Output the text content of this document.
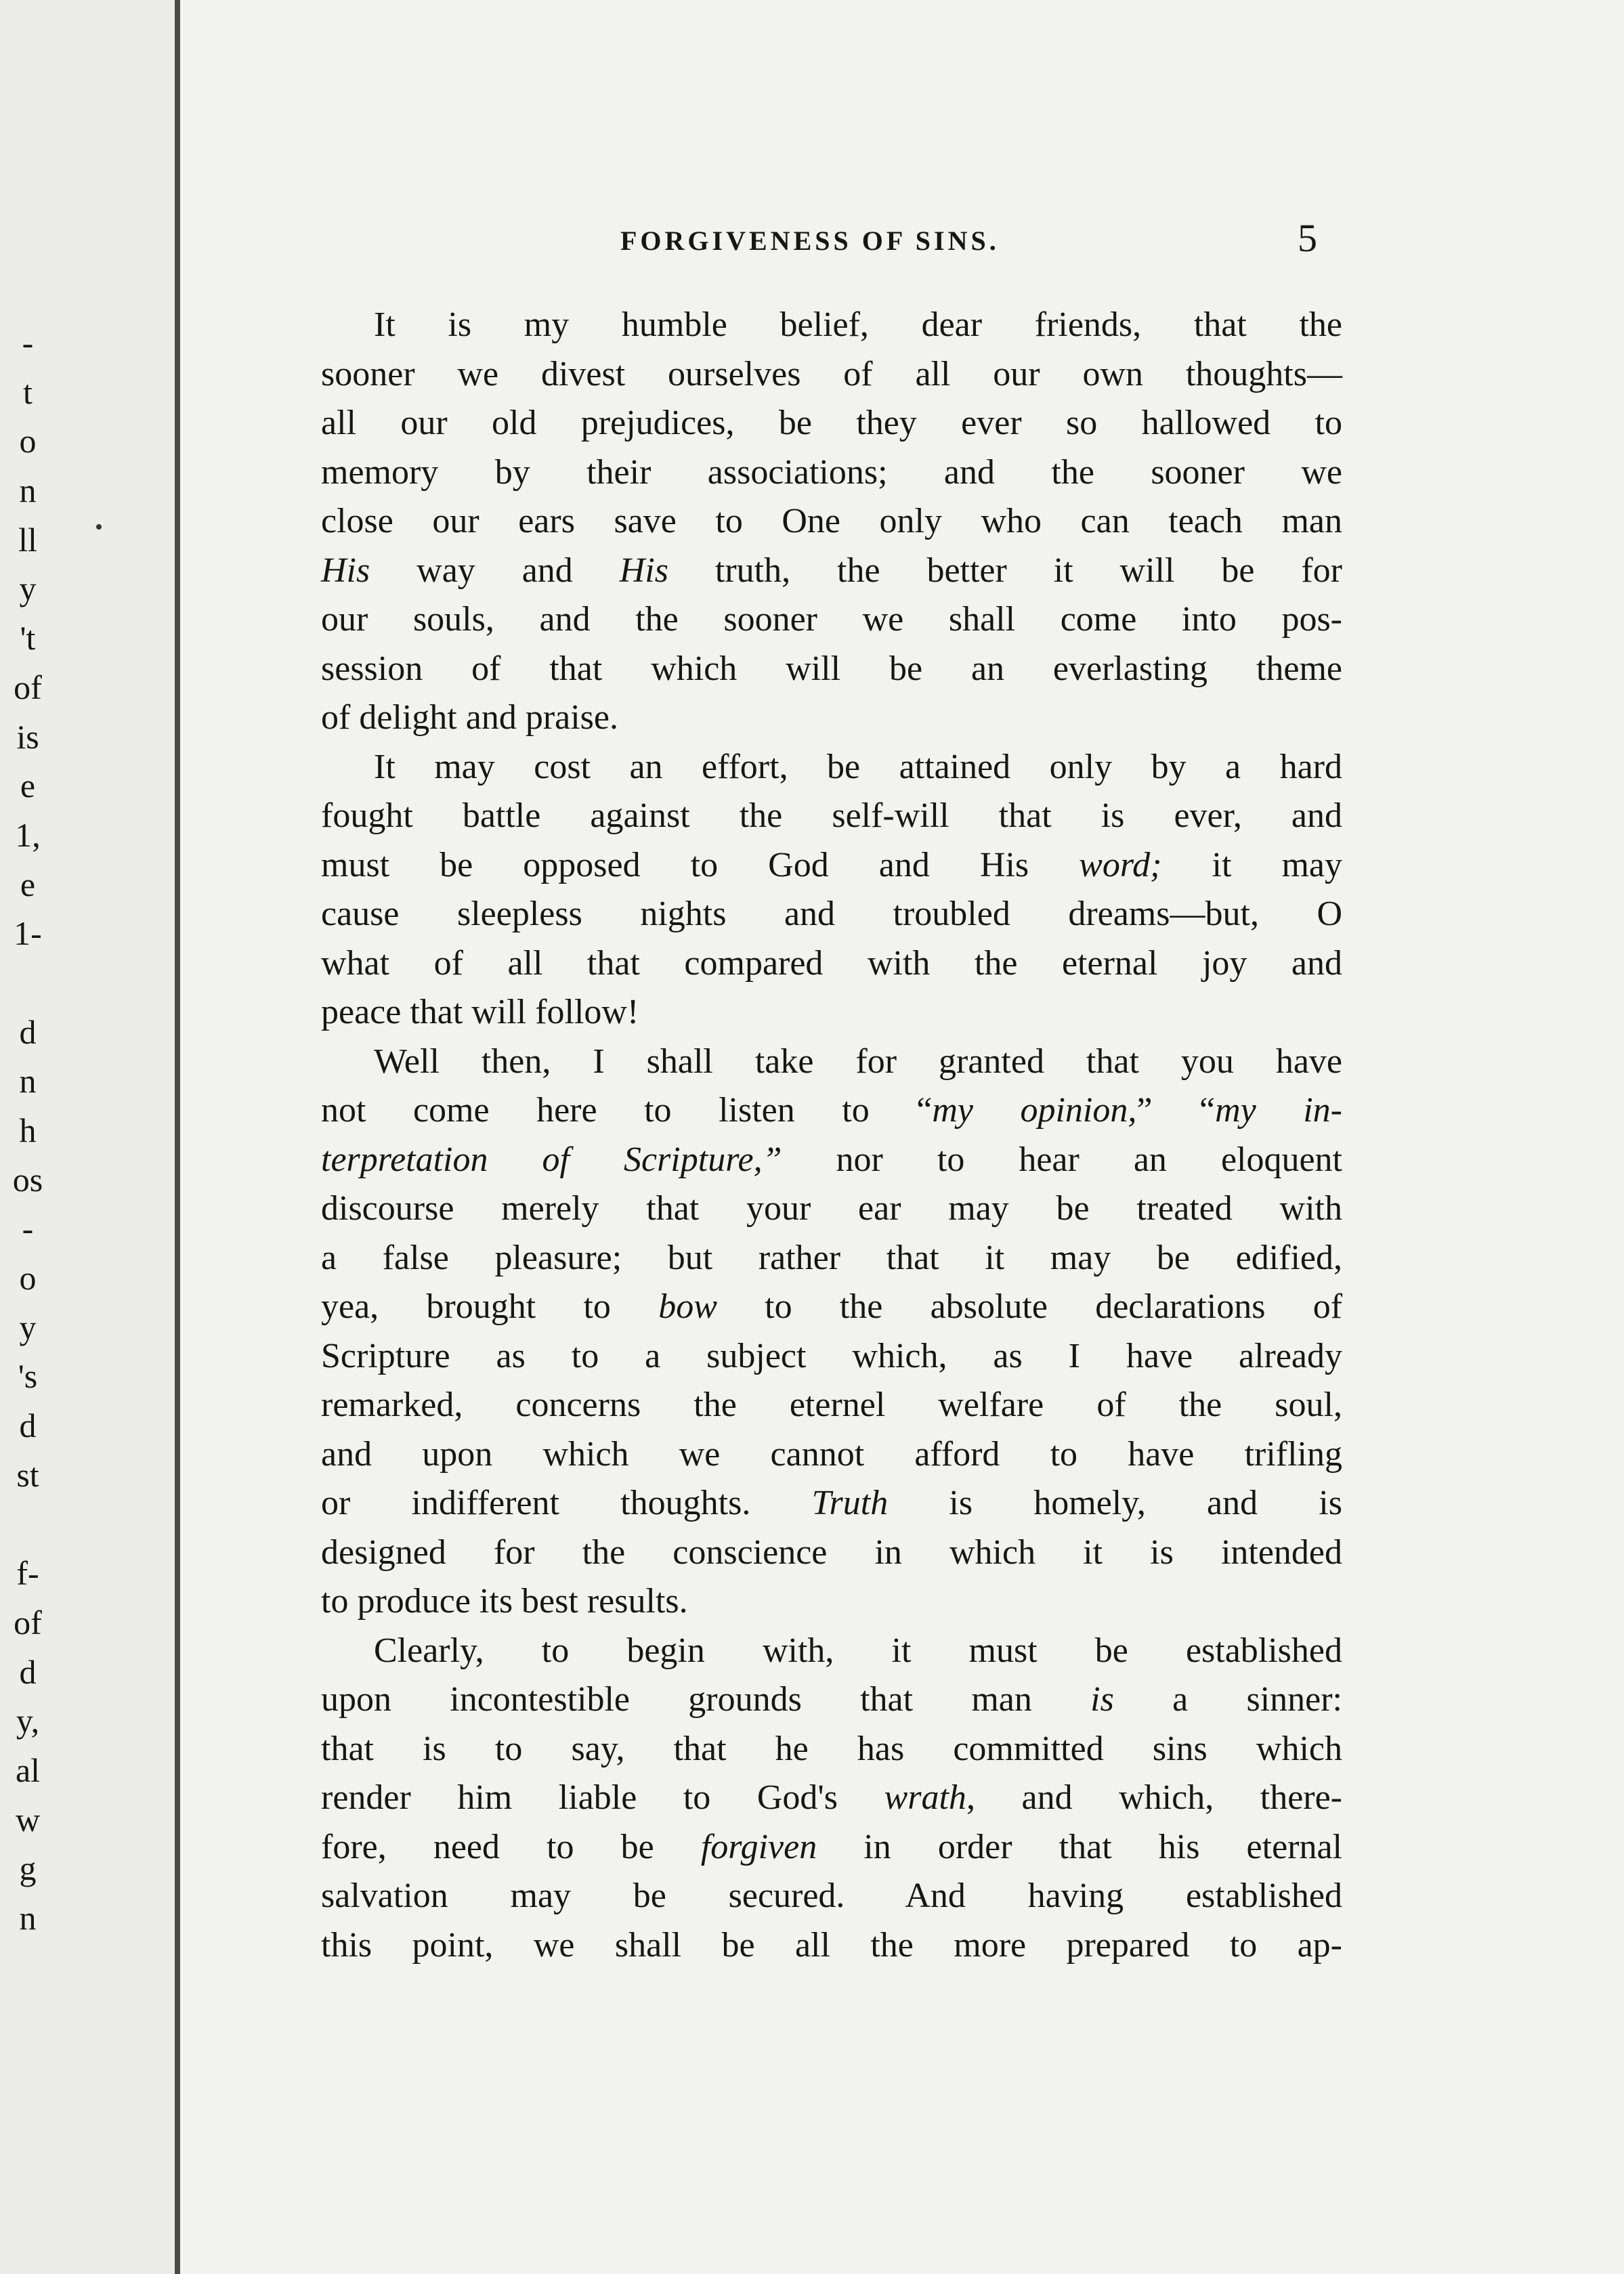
-
t
o
n
ll
y
't
of
is
e
1,
e
1-
d
n
h
os
-
o
y
's
d
st
f-
of
d
y,
al
w
g
n
FORGIVENESS OF SINS.	5
It is my humble belief, dear friends, that the
sooner we divest ourselves of all our own thoughts—
all our old prejudices, be they ever so hallowed to
memory by their associations; and the sooner we
close our ears save to One only who can teach man
His way and His truth, the better it will be for
our souls, and the sooner we shall come into pos-
session of that which will be an everlasting theme
of delight and praise.
It may cost an effort, be attained only by a hard
fought battle against the self-will that is ever, and
must be opposed to God and His word; it may
cause sleepless nights and troubled dreams—but, O
what of all that compared with the eternal joy and
peace that will follow!
Well then, I shall take for granted that you have
not come here to listen to “my opinion,” “my in-
terpretation of Scripture,” nor to hear an eloquent
discourse merely that your ear may be treated with
a false pleasure; but rather that it may be edified,
yea, brought to bow to the absolute declarations of
Scripture as to a subject which, as I have already
remarked, concerns the eternel welfare of the soul,
and upon which we cannot afford to have trifling
or indifferent thoughts. Truth is homely, and is
designed for the conscience in which it is intended
to produce its best results.
Clearly, to begin with, it must be established
upon incontestible grounds that man is a sinner:
that is to say, that he has committed sins which
render him liable to God's wrath, and which, there-
fore, need to be forgiven in order that his eternal
salvation may be secured. And having established
this point, we shall be all the more prepared to ap-
